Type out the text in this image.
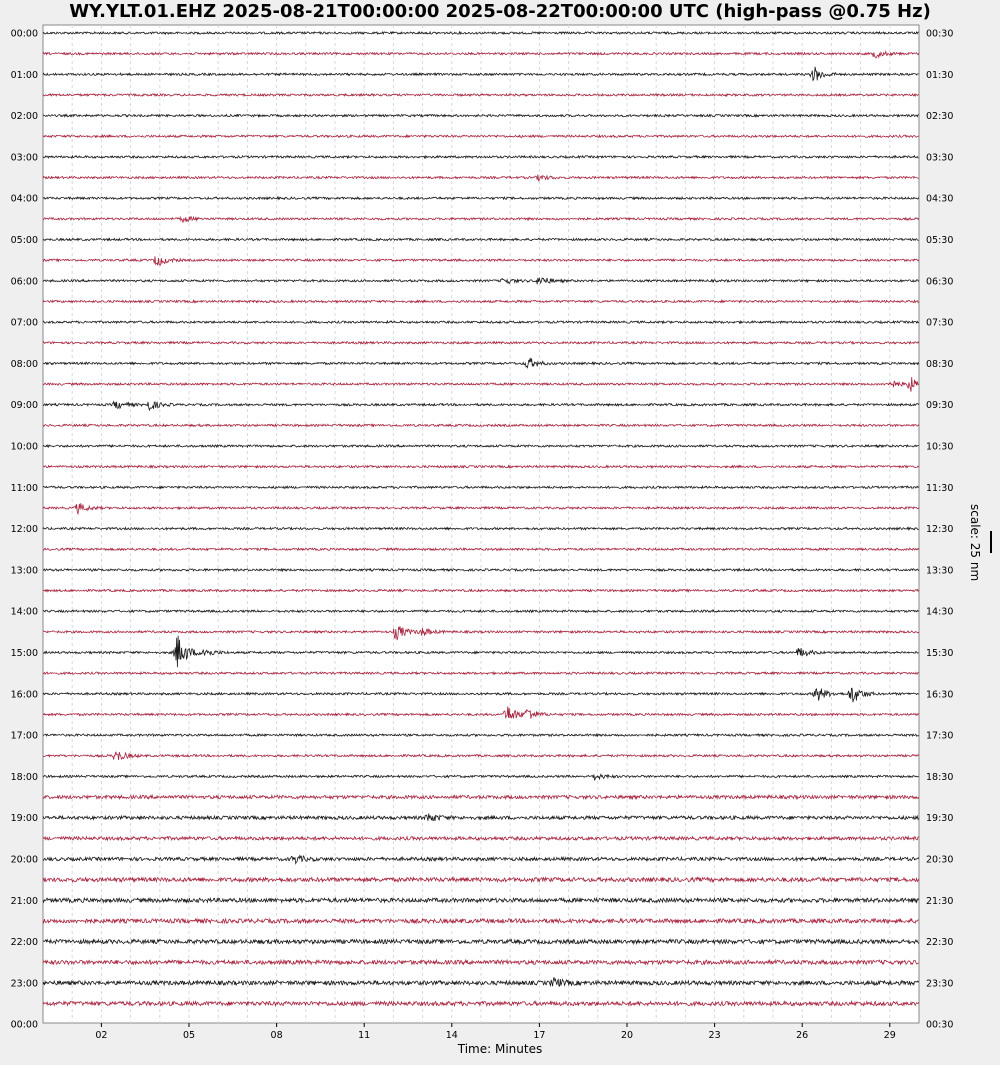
WY.YLT.01.EHZ 2025-08-21T00:00:00 2025-08-22T00:00:00 UTC (high-pass @0.75 Hz)
00:00
01:00
02:00
03:00
04:00
05:00
06:00
07:00
08:00
09:00
10:00
11:00
12:00
13:00
14:00
15:00
16:00
17:00
18:00
19:00
20:00
21:00
22:00
23:00
00:00
00:30
01:30
02:30
03:30
04:30
05:30
06:30
07:30
08:30
09:30
10:30
11:30
12:30
13:30
14:30
15:30
16:30
17:30
18:30
19:30
20:30
21:30
22:30
23:30
00:30
02	05	08	11	14	17	20	23	26	29
Time: Minutes
scale: 25 nm
